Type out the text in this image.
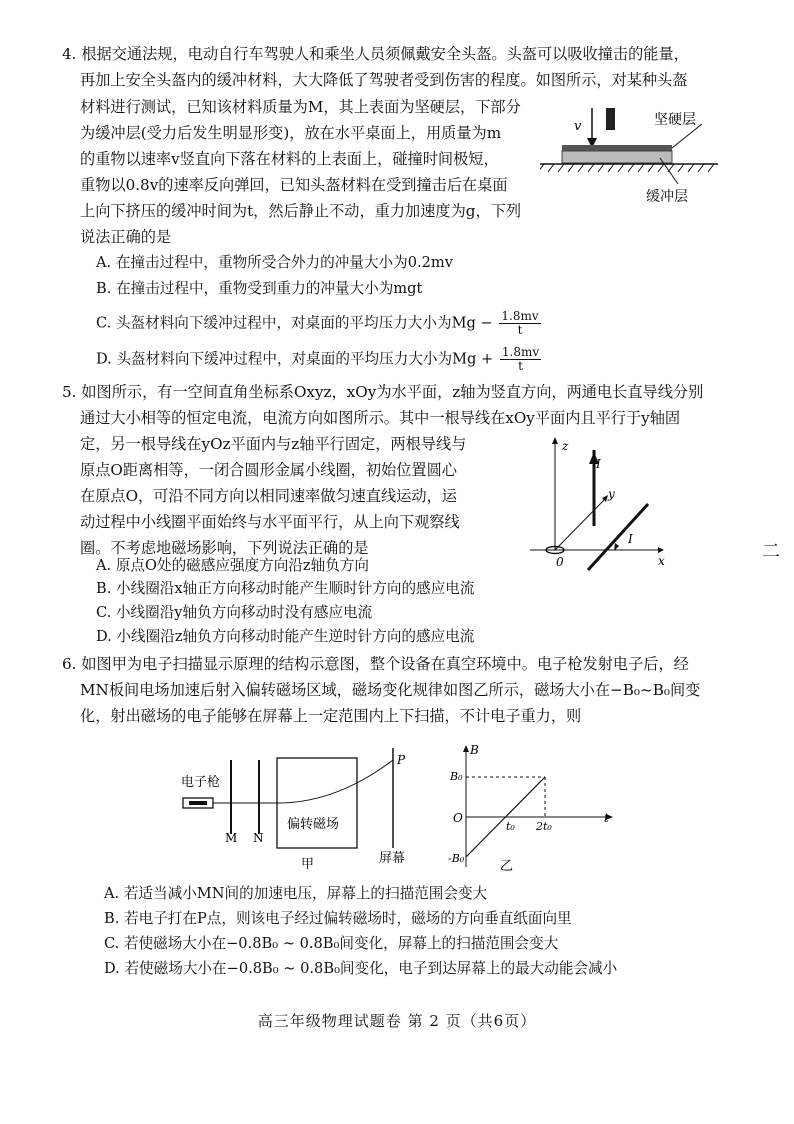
4. 根据交通法规，电动自行车驾驶人和乘坐人员须佩戴安全头盔。头盔可以吸收撞击的能量，
再加上安全头盔内的缓冲材料，大大降低了驾驶者受到伤害的程度。如图所示，对某种头盔
材料进行测试，已知该材料质量为M，其上表面为坚硬层，下部分
为缓冲层(受力后发生明显形变)，放在水平桌面上，用质量为m
的重物以速率v竖直向下落在材料的上表面上，碰撞时间极短，
重物以0.8v的速率反向弹回，已知头盔材料在受到撞击后在桌面
上向下挤压的缓冲时间为t，然后静止不动，重力加速度为g，下列
说法正确的是
v	坚硬层
缓冲层
A. 在撞击过程中，重物所受合外力的冲量大小为0.2mv
B. 在撞击过程中，重物受到重力的冲量大小为mgt
C. 头盔材料向下缓冲过程中，对桌面的平均压力大小为$Mg - \frac{1.8mv}{t}$
D. 头盔材料向下缓冲过程中，对桌面的平均压力大小为$Mg + \frac{1.8mv}{t}$
5. 如图所示，有一空间直角坐标系Oxyz，xOy为水平面，z轴为竖直方向，两通电长直导线分别
通过大小相等的恒定电流，电流方向如图所示。其中一根导线在xOy平面内且平行于y轴固
定，另一根导线在yOz平面内与z轴平行固定，两根导线与
原点O距离相等，一闭合圆形金属小线圈，初始位置圆心
在原点O，可沿不同方向以相同速率做匀速直线运动，运
动过程中小线圈平面始终与水平面平行，从上向下观察线
圈。不考虑地磁场影响，下列说法正确的是
z
y
x
0
I
I
A. 原点O处的磁感应强度方向沿z轴负方向
B. 小线圈沿x轴正方向移动时能产生顺时针方向的感应电流
C. 小线圈沿y轴负方向移动时没有感应电流
D. 小线圈沿z轴负方向移动时能产生逆时针方向的感应电流
6. 如图甲为电子扫描显示原理的结构示意图，整个设备在真空环境中。电子枪发射电子后，经
MN板间电场加速后射入偏转磁场区域，磁场变化规律如图乙所示，磁场大小在−B₀~B₀间变
化，射出磁场的电子能够在屏幕上一定范围内上下扫描，不计电子重力，则
电子枪
M N
偏转磁场
P
屏幕
甲
B
B₀
O
t₀ 2t₀
t
-B₀
乙
A. 若适当减小MN间的加速电压，屏幕上的扫描范围会变大
B. 若电子打在P点，则该电子经过偏转磁场时，磁场的方向垂直纸面向里
C. 若使磁场大小在−0.8B₀ ~ 0.8B₀间变化，屏幕上的扫描范围会变大
D. 若使磁场大小在−0.8B₀ ~ 0.8B₀间变化，电子到达屏幕上的最大动能会减小
二
高三年级物理试题卷 第 2 页（共6页）
